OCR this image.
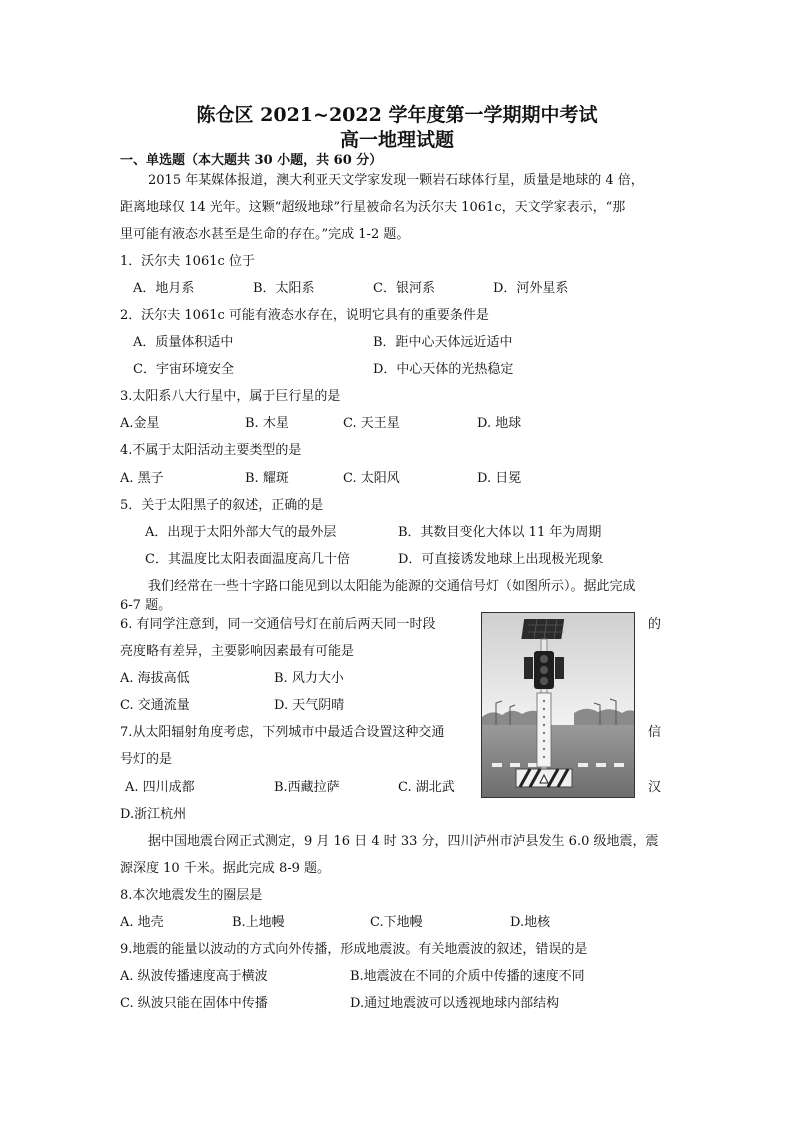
陈仓区 2021~2022 学年度第一学期期中考试
高一地理试题
一、单选题（本大题共 30 小题，共 60 分）
2015 年某媒体报道，澳大利亚天文学家发现一颗岩石球体行星，质量是地球的 4 倍，
距离地球仅 14 光年。这颗“超级地球”行星被命名为沃尔夫 1061c，天文学家表示，“那
里可能有液态水甚至是生命的存在。”完成 1-2 题。
1．沃尔夫 1061c 位于
A．地月系	B．太阳系	C．银河系	D．河外星系
2．沃尔夫 1061c 可能有液态水存在，说明它具有的重要条件是
A．质量体积适中	B．距中心天体远近适中
C．宇宙环境安全	D．中心天体的光热稳定
3.太阳系八大行星中，属于巨行星的是
A.金星	B. 木星	C. 天王星	D. 地球
4.不属于太阳活动主要类型的是
A. 黑子	B. 耀斑	C. 太阳风	D. 日冕
5．关于太阳黑子的叙述，正确的是
A．出现于太阳外部大气的最外层	B．其数目变化大体以 11 年为周期
C．其温度比太阳表面温度高几十倍	D．可直接诱发地球上出现极光现象
我们经常在一些十字路口能见到以太阳能为能源的交通信号灯（如图所示）。据此完成
6-7 题。
6. 有同学注意到，同一交通信号灯在前后两天同一时段	的
亮度略有差异，主要影响因素最有可能是
A. 海拔高低	B. 风力大小
C. 交通流量	D. 天气阴晴
7.从太阳辐射角度考虑，下列城市中最适合设置这种交通	信
号灯的是
A. 四川成都	B.西藏拉萨	C. 湖北武	汉
D.浙江杭州
据中国地震台网正式测定，9 月 16 日 4 时 33 分，四川泸州市泸县发生 6.0 级地震，震
源深度 10 千米。据此完成 8-9 题。
8.本次地震发生的圈层是
A. 地壳	B.上地幔	C.下地幔	D.地核
9.地震的能量以波动的方式向外传播，形成地震波。有关地震波的叙述，错误的是
A. 纵波传播速度高于横波	B.地震波在不同的介质中传播的速度不同
C. 纵波只能在固体中传播	D.通过地震波可以透视地球内部结构
